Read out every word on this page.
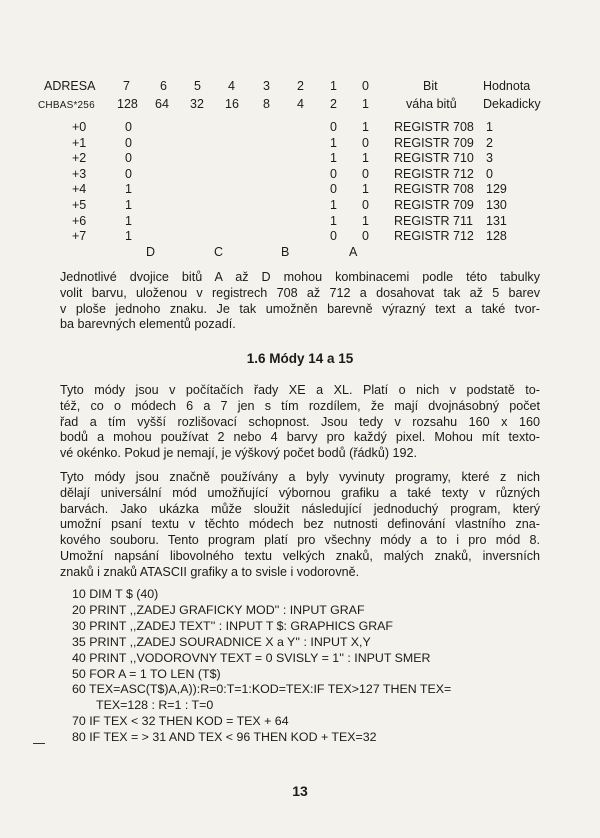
ADRESA 7 6 5 4 3 2 1 0	Bit	Hodnota
CHBAS*256 128 64 32 16 8 4 2 1	váha bitů Dekadicky
+0	0	0 1 REGISTR 708 1
+1	0	1 0 REGISTR 709 2
+2	0	1 1 REGISTR 710 3
+3	0	0 0 REGISTR 712 0
+4	1	0 1 REGISTR 708 129
+5	1	1 0 REGISTR 709 130
+6	1	1 1 REGISTR 711 131
+7	1	0 0 REGISTR 712 128
D	C	B	A
Jednotlivé dvojice bitů A až D mohou kombinacemi podle této tabulky
volit barvu, uloženou v registrech 708 až 712 a dosahovat tak až 5 barev
v ploše jednoho znaku. Je tak umožněn barevně výrazný text a také tvor-
ba barevných elementů pozadí.
1.6 Módy 14 a 15
Tyto módy jsou v počítačích řady XE a XL. Platí o nich v podstatě to-
též, co o módech 6 a 7 jen s tím rozdílem, že mají dvojnásobný počet
řad a tím vyšší rozlišovací schopnost. Jsou tedy v rozsahu 160 x 160
bodů a mohou používat 2 nebo 4 barvy pro každý pixel. Mohou mít texto-
vé okénko. Pokud je nemají, je výškový počet bodů (řádků) 192.
Tyto módy jsou značně používány a byly vyvinuty programy, které z nich
dělají universální mód umožňující výbornou grafiku a také texty v různých
barvách. Jako ukázka může sloužit následující jednoduchý program, který
umožní psaní textu v těchto módech bez nutnosti definování vlastního zna-
kového souboru. Tento program platí pro všechny módy a to i pro mód 8.
Umožní napsání libovolného textu velkých znaků, malých znaků, inversních
znaků i znaků ATASCII grafiky a to svisle i vodorovně.
10 DIM T $ (40)
20 PRINT ,,ZADEJ GRAFICKY MOD'' : INPUT GRAF
30 PRINT ,,ZADEJ TEXT'' : INPUT T $: GRAPHICS GRAF
35 PRINT ,,ZADEJ SOURADNICE X a Y'' : INPUT X,Y
40 PRINT ,,VODOROVNY TEXT = 0 SVISLY = 1'' : INPUT SMER
50 FOR A = 1 TO LEN (T$)
60 TEX=ASC(T$)A,A)):R=0:T=1:KOD=TEX:IF TEX>127 THEN TEX=
TEX=128 : R=1 : T=0
70 IF TEX < 32 THEN KOD = TEX + 64
80 IF TEX = > 31 AND TEX < 96 THEN KOD + TEX=32
13
